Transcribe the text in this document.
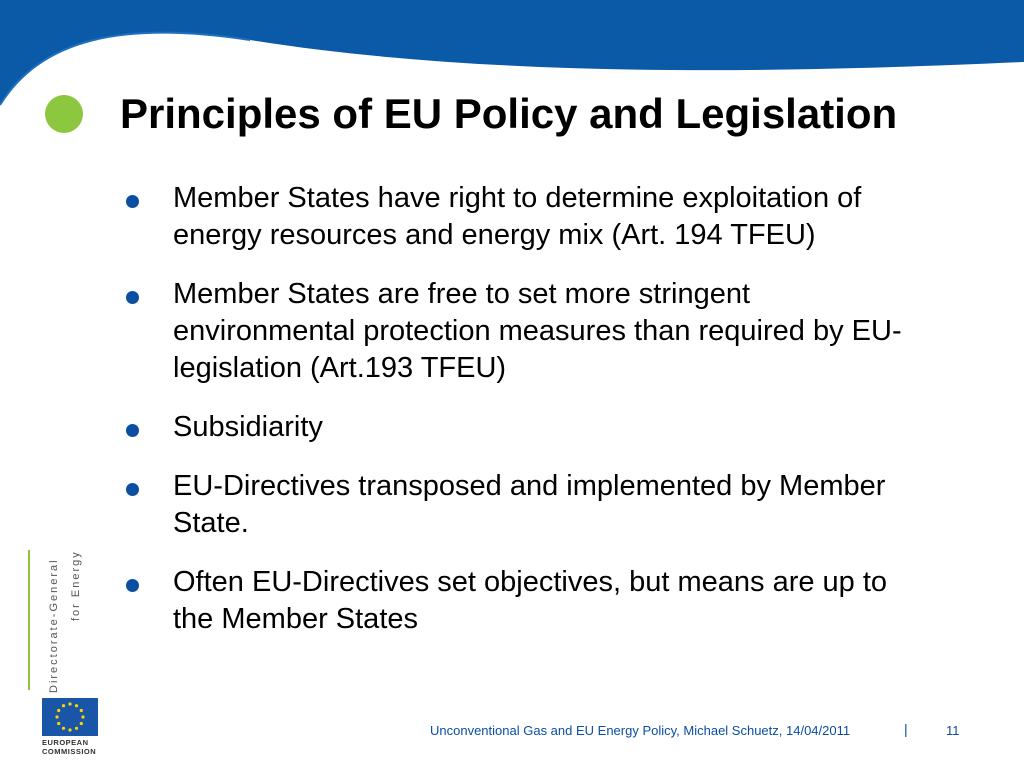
Principles of EU Policy and Legislation
Member States have right to determine exploitation of energy resources and energy mix (Art. 194 TFEU)
Member States are free to set more stringent environmental protection measures than required by EU-legislation (Art.193 TFEU)
Subsidiarity
EU-Directives transposed and implemented by Member State.
Often EU-Directives set objectives, but means are up to the Member States
Directorate-General for Energy
EUROPEAN
COMMISSION
Unconventional Gas and EU Energy Policy, Michael Schuetz, 14/04/2011	|	11
